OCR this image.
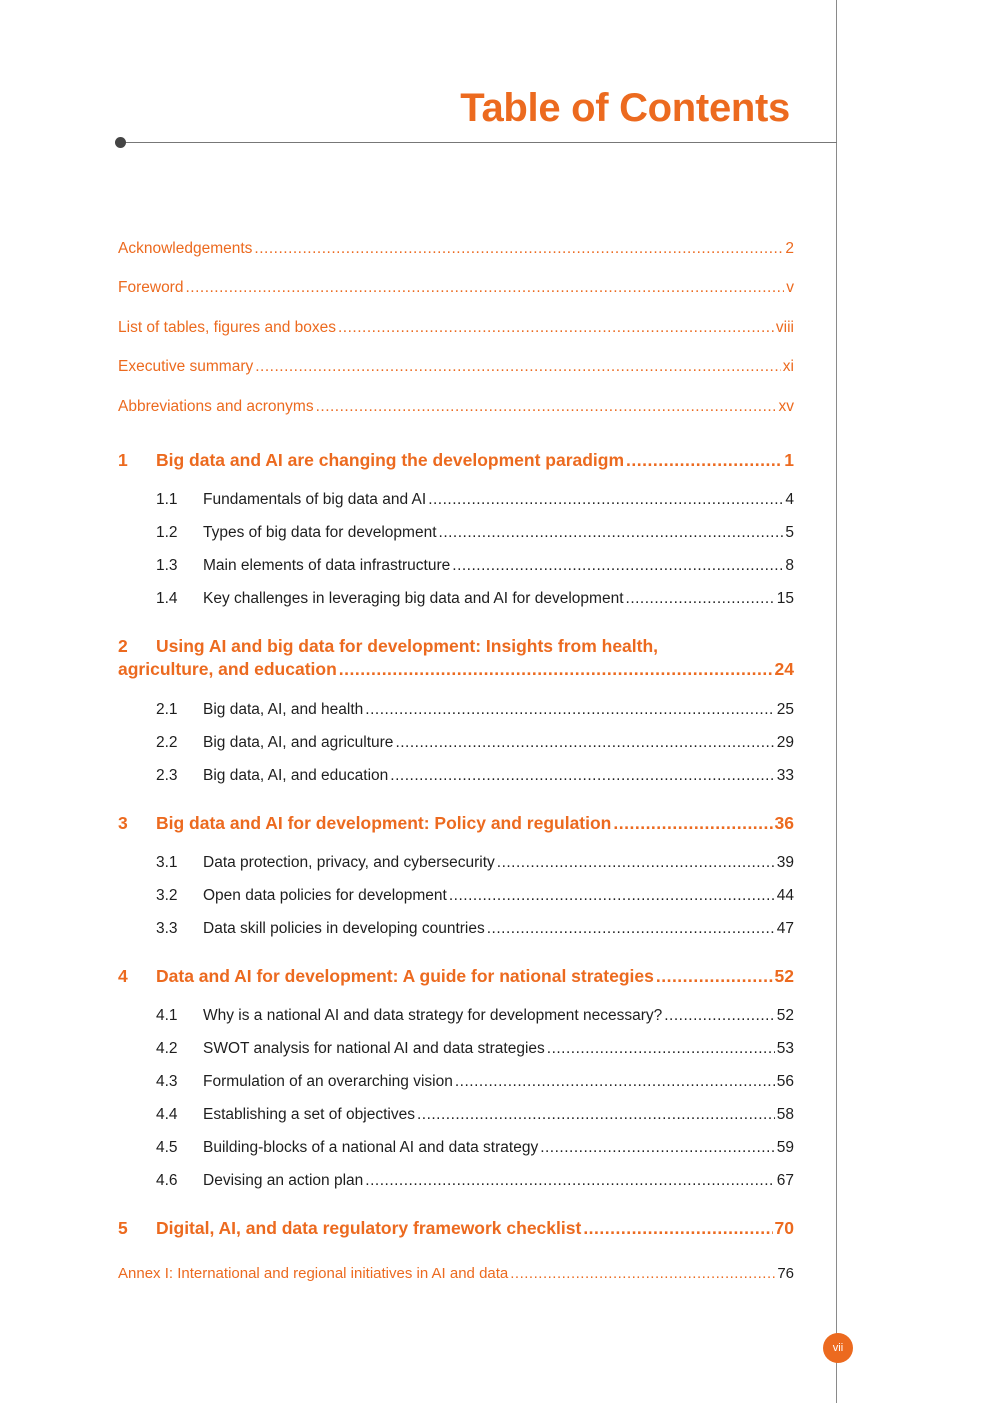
Table of Contents
Acknowledgements .....	2
Foreword .....	v
List of tables, figures and boxes .....	viii
Executive summary .....	xi
Abbreviations and acronyms .....	xv
1	Big data and AI are changing the development paradigm .....	1
1.1	Fundamentals of big data and AI .....	4
1.2	Types of big data for development .....	5
1.3	Main elements of data infrastructure .....	8
1.4	Key challenges in leveraging big data and AI for development .....	15
2 Using AI and big data for development: Insights from health,
agriculture, and education .....	24
2.1	Big data, AI, and health .....	25
2.2	Big data, AI, and agriculture .....	29
2.3	Big data, AI, and education .....	33
3	Big data and AI for development: Policy and regulation .....	36
3.1	Data protection, privacy, and cybersecurity .....	39
3.2	Open data policies for development .....	44
3.3	Data skill policies in developing countries .....	47
4	Data and AI for development: A guide for national strategies .....	52
4.1	Why is a national AI and data strategy for development necessary? .....	52
4.2	SWOT analysis for national AI and data strategies .....	53
4.3	Formulation of an overarching vision .....	56
4.4	Establishing a set of objectives .....	58
4.5	Building-blocks of a national AI and data strategy .....	59
4.6	Devising an action plan .....	67
5	Digital, AI, and data regulatory framework checklist .....	70
Annex I: International and regional initiatives in AI and data .....	76
vii
